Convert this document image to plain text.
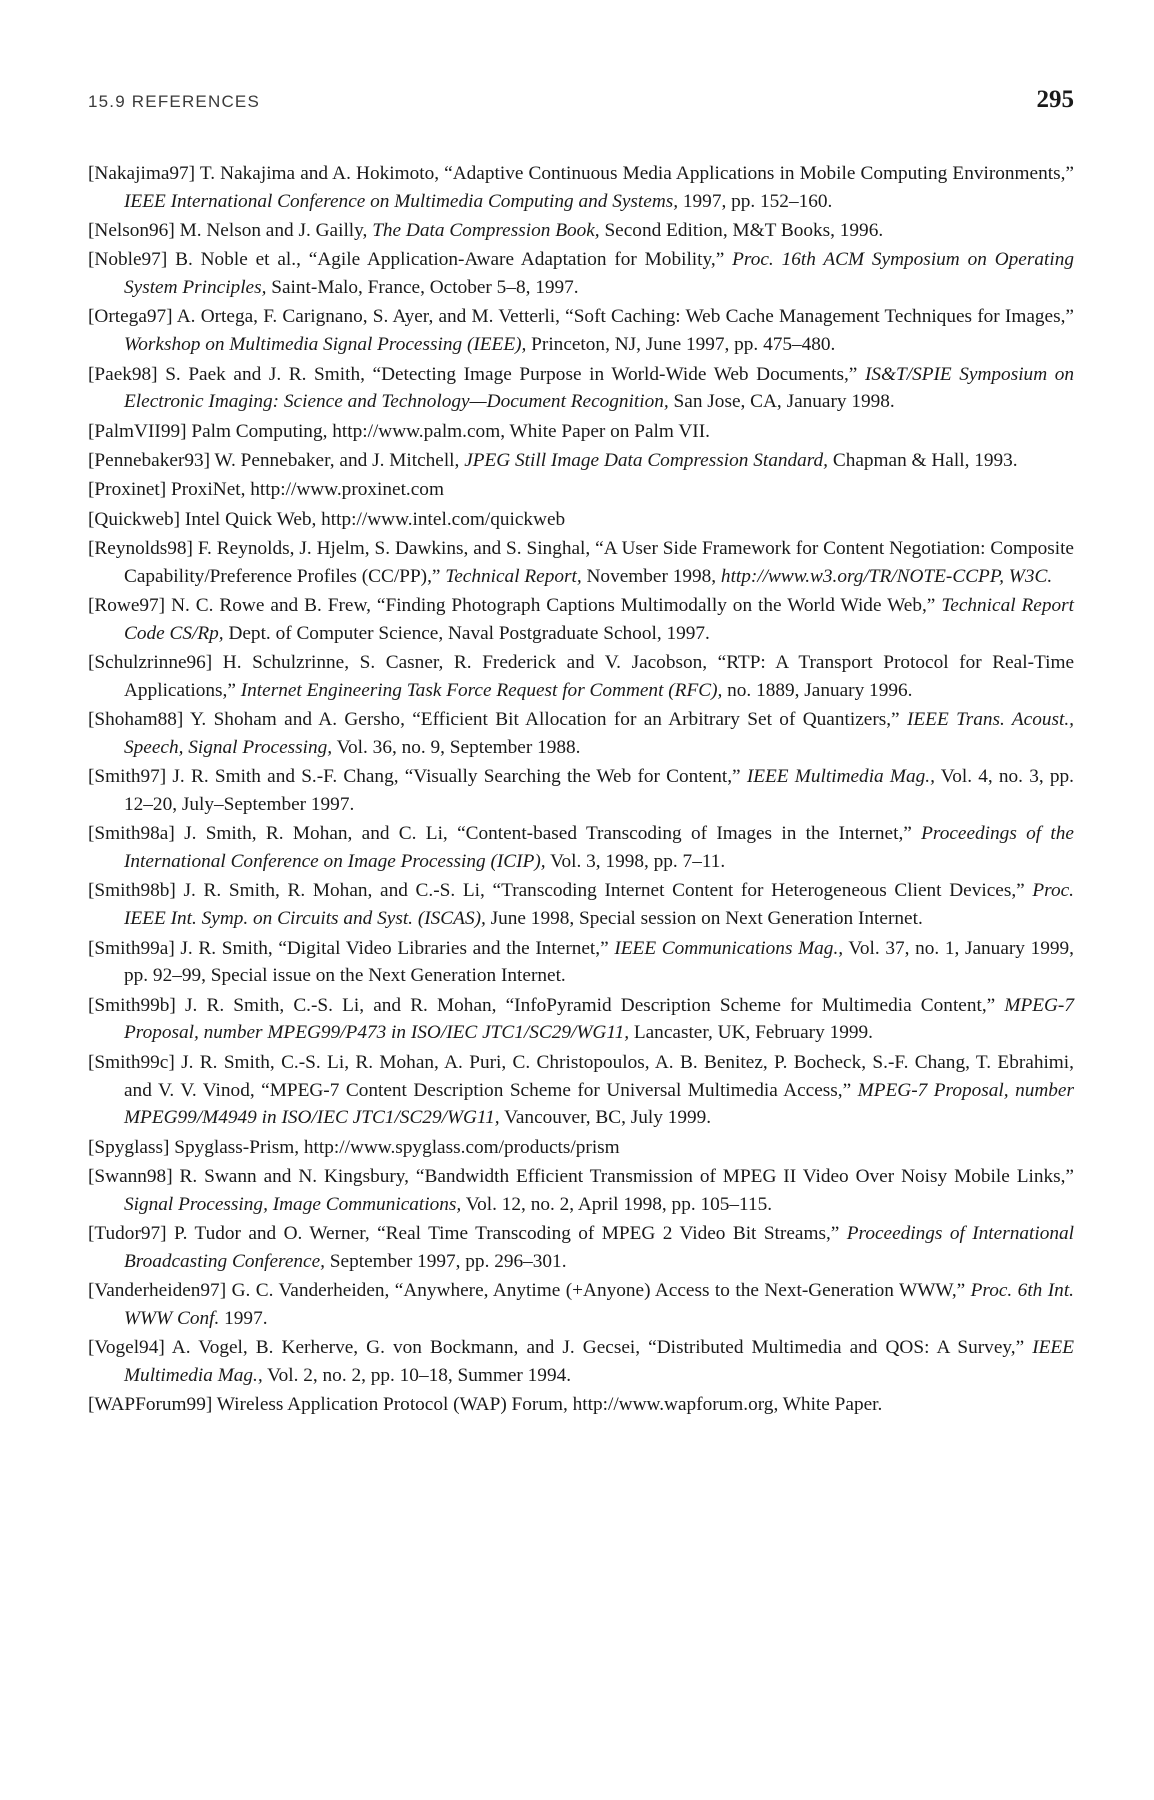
15.9 REFERENCES	295

[Nakajima97] T. Nakajima and A. Hokimoto, “Adaptive Continuous Media Applications in Mobile Computing Environments,” IEEE International Conference on Multimedia Computing and Systems, 1997, pp. 152–160.

[Nelson96] M. Nelson and J. Gailly, The Data Compression Book, Second Edition, M&T Books, 1996.

[Noble97] B. Noble et al., “Agile Application-Aware Adaptation for Mobility,” Proc. 16th ACM Symposium on Operating System Principles, Saint-Malo, France, October 5–8, 1997.

[Ortega97] A. Ortega, F. Carignano, S. Ayer, and M. Vetterli, “Soft Caching: Web Cache Management Techniques for Images,” Workshop on Multimedia Signal Processing (IEEE), Princeton, NJ, June 1997, pp. 475–480.

[Paek98] S. Paek and J. R. Smith, “Detecting Image Purpose in World-Wide Web Documents,” IS&T/SPIE Symposium on Electronic Imaging: Science and Technology—Document Recognition, San Jose, CA, January 1998.

[PalmVII99] Palm Computing, http://www.palm.com, White Paper on Palm VII.

[Pennebaker93] W. Pennebaker, and J. Mitchell, JPEG Still Image Data Compression Standard, Chapman & Hall, 1993.

[Proxinet] ProxiNet, http://www.proxinet.com

[Quickweb] Intel Quick Web, http://www.intel.com/quickweb

[Reynolds98] F. Reynolds, J. Hjelm, S. Dawkins, and S. Singhal, “A User Side Framework for Content Negotiation: Composite Capability/Preference Profiles (CC/PP),” Technical Report, November 1998, http://www.w3.org/TR/NOTE-CCPP, W3C.

[Rowe97] N. C. Rowe and B. Frew, “Finding Photograph Captions Multimodally on the World Wide Web,” Technical Report Code CS/Rp, Dept. of Computer Science, Naval Postgraduate School, 1997.

[Schulzrinne96] H. Schulzrinne, S. Casner, R. Frederick and V. Jacobson, “RTP: A Transport Protocol for Real-Time Applications,” Internet Engineering Task Force Request for Comment (RFC), no. 1889, January 1996.

[Shoham88] Y. Shoham and A. Gersho, “Efficient Bit Allocation for an Arbitrary Set of Quantizers,” IEEE Trans. Acoust., Speech, Signal Processing, Vol. 36, no. 9, September 1988.

[Smith97] J. R. Smith and S.-F. Chang, “Visually Searching the Web for Content,” IEEE Multimedia Mag., Vol. 4, no. 3, pp. 12–20, July–September 1997.

[Smith98a] J. Smith, R. Mohan, and C. Li, “Content-based Transcoding of Images in the Internet,” Proceedings of the International Conference on Image Processing (ICIP), Vol. 3, 1998, pp. 7–11.

[Smith98b] J. R. Smith, R. Mohan, and C.-S. Li, “Transcoding Internet Content for Heterogeneous Client Devices,” Proc. IEEE Int. Symp. on Circuits and Syst. (ISCAS), June 1998, Special session on Next Generation Internet.

[Smith99a] J. R. Smith, “Digital Video Libraries and the Internet,” IEEE Communications Mag., Vol. 37, no. 1, January 1999, pp. 92–99, Special issue on the Next Generation Internet.

[Smith99b] J. R. Smith, C.-S. Li, and R. Mohan, “InfoPyramid Description Scheme for Multimedia Content,” MPEG-7 Proposal, number MPEG99/P473 in ISO/IEC JTC1/SC29/WG11, Lancaster, UK, February 1999.

[Smith99c] J. R. Smith, C.-S. Li, R. Mohan, A. Puri, C. Christopoulos, A. B. Benitez, P. Bocheck, S.-F. Chang, T. Ebrahimi, and V. V. Vinod, “MPEG-7 Content Description Scheme for Universal Multimedia Access,” MPEG-7 Proposal, number MPEG99/M4949 in ISO/IEC JTC1/SC29/WG11, Vancouver, BC, July 1999.

[Spyglass] Spyglass-Prism, http://www.spyglass.com/products/prism

[Swann98] R. Swann and N. Kingsbury, “Bandwidth Efficient Transmission of MPEG II Video Over Noisy Mobile Links,” Signal Processing, Image Communications, Vol. 12, no. 2, April 1998, pp. 105–115.

[Tudor97] P. Tudor and O. Werner, “Real Time Transcoding of MPEG 2 Video Bit Streams,” Proceedings of International Broadcasting Conference, September 1997, pp. 296–301.

[Vanderheiden97] G. C. Vanderheiden, “Anywhere, Anytime (+Anyone) Access to the Next-Generation WWW,” Proc. 6th Int. WWW Conf. 1997.

[Vogel94] A. Vogel, B. Kerherve, G. von Bockmann, and J. Gecsei, “Distributed Multimedia and QOS: A Survey,” IEEE Multimedia Mag., Vol. 2, no. 2, pp. 10–18, Summer 1994.

[WAPForum99] Wireless Application Protocol (WAP) Forum, http://www.wapforum.org, White Paper.
